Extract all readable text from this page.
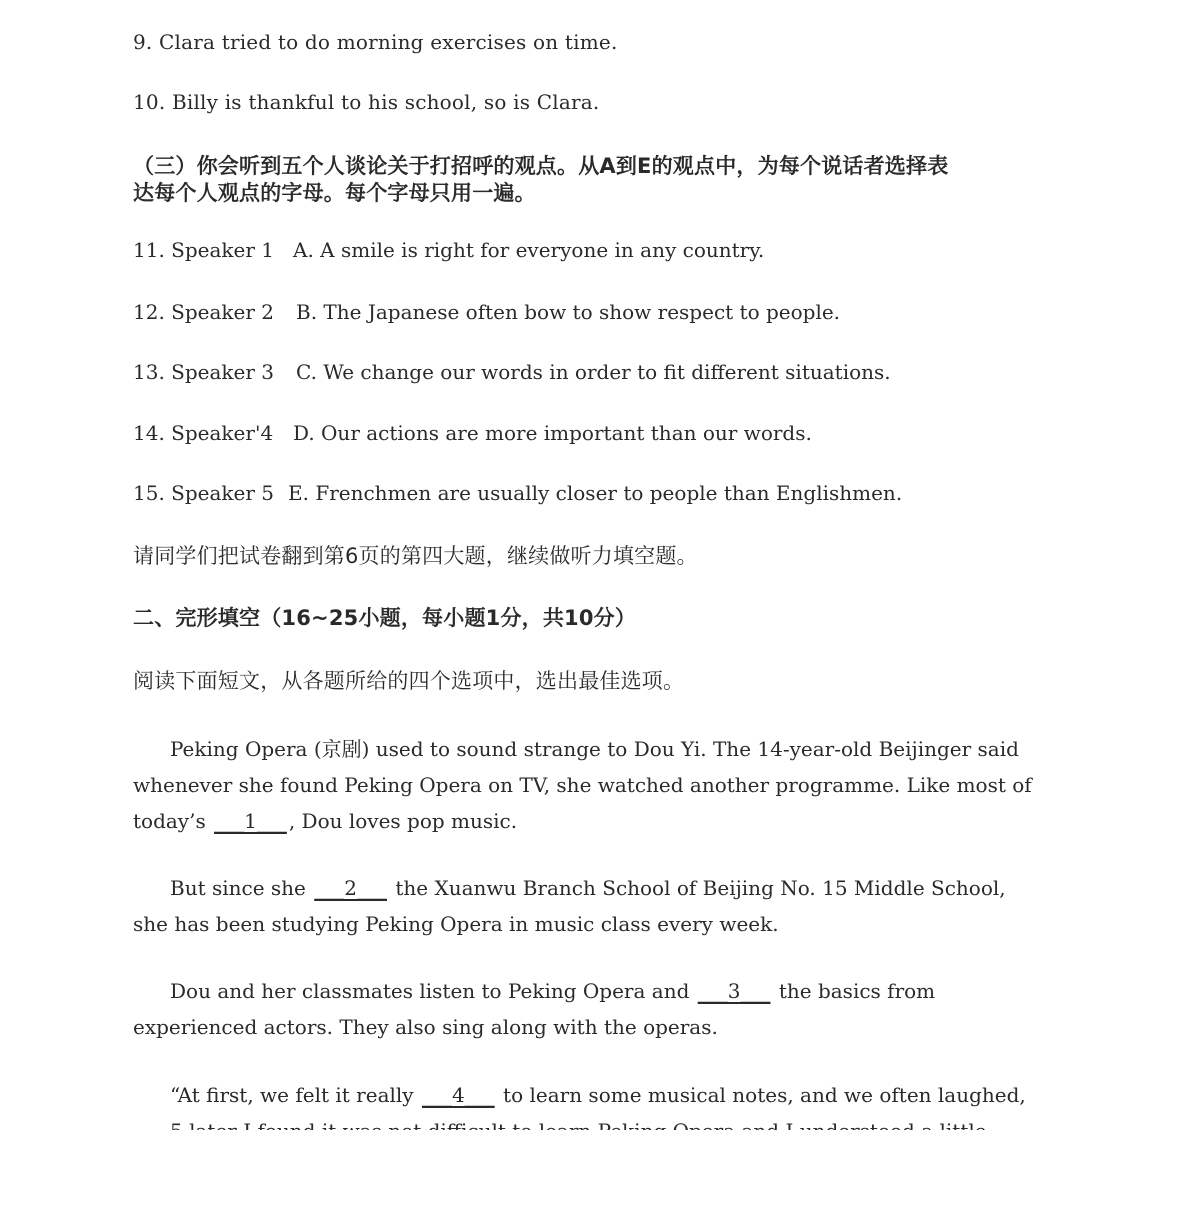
9. Clara tried to do morning exercises on time.
10. Billy is thankful to his school, so is Clara.
（三）你会听到五个人谈论关于打招呼的观点。从A到E的观点中，为每个说话者选择表
达每个人观点的字母。每个字母只用一遍。
11. Speaker 1 A. A smile is right for everyone in any country.
12. Speaker 2 B. The Japanese often bow to show respect to people.
13. Speaker 3 C. We change our words in order to fit different situations.
14. Speaker'4 D. Our actions are more important than our words.
15. Speaker 5 E. Frenchmen are usually closer to people than Englishmen.
请同学们把试卷翻到第6页的第四大题，继续做听力填空题。
二、完形填空（16~25小题，每小题1分，共10分）
阅读下面短文，从各题所给的四个选项中，选出最佳选项。
Peking Opera (京剧) used to sound strange to Dou Yi. The 14-year-old Beijinger said
whenever she found Peking Opera on TV, she watched another programme. Like most of
today’s ___1___ , Dou loves pop music.
But since she ___2___ the Xuanwu Branch School of Beijing No. 15 Middle School,
she has been studying Peking Opera in music class every week.
Dou and her classmates listen to Peking Opera and ___3___ the basics from
experienced actors. They also sing along with the operas.
“At first, we felt it really ___4___ to learn some musical notes, and we often laughed,
